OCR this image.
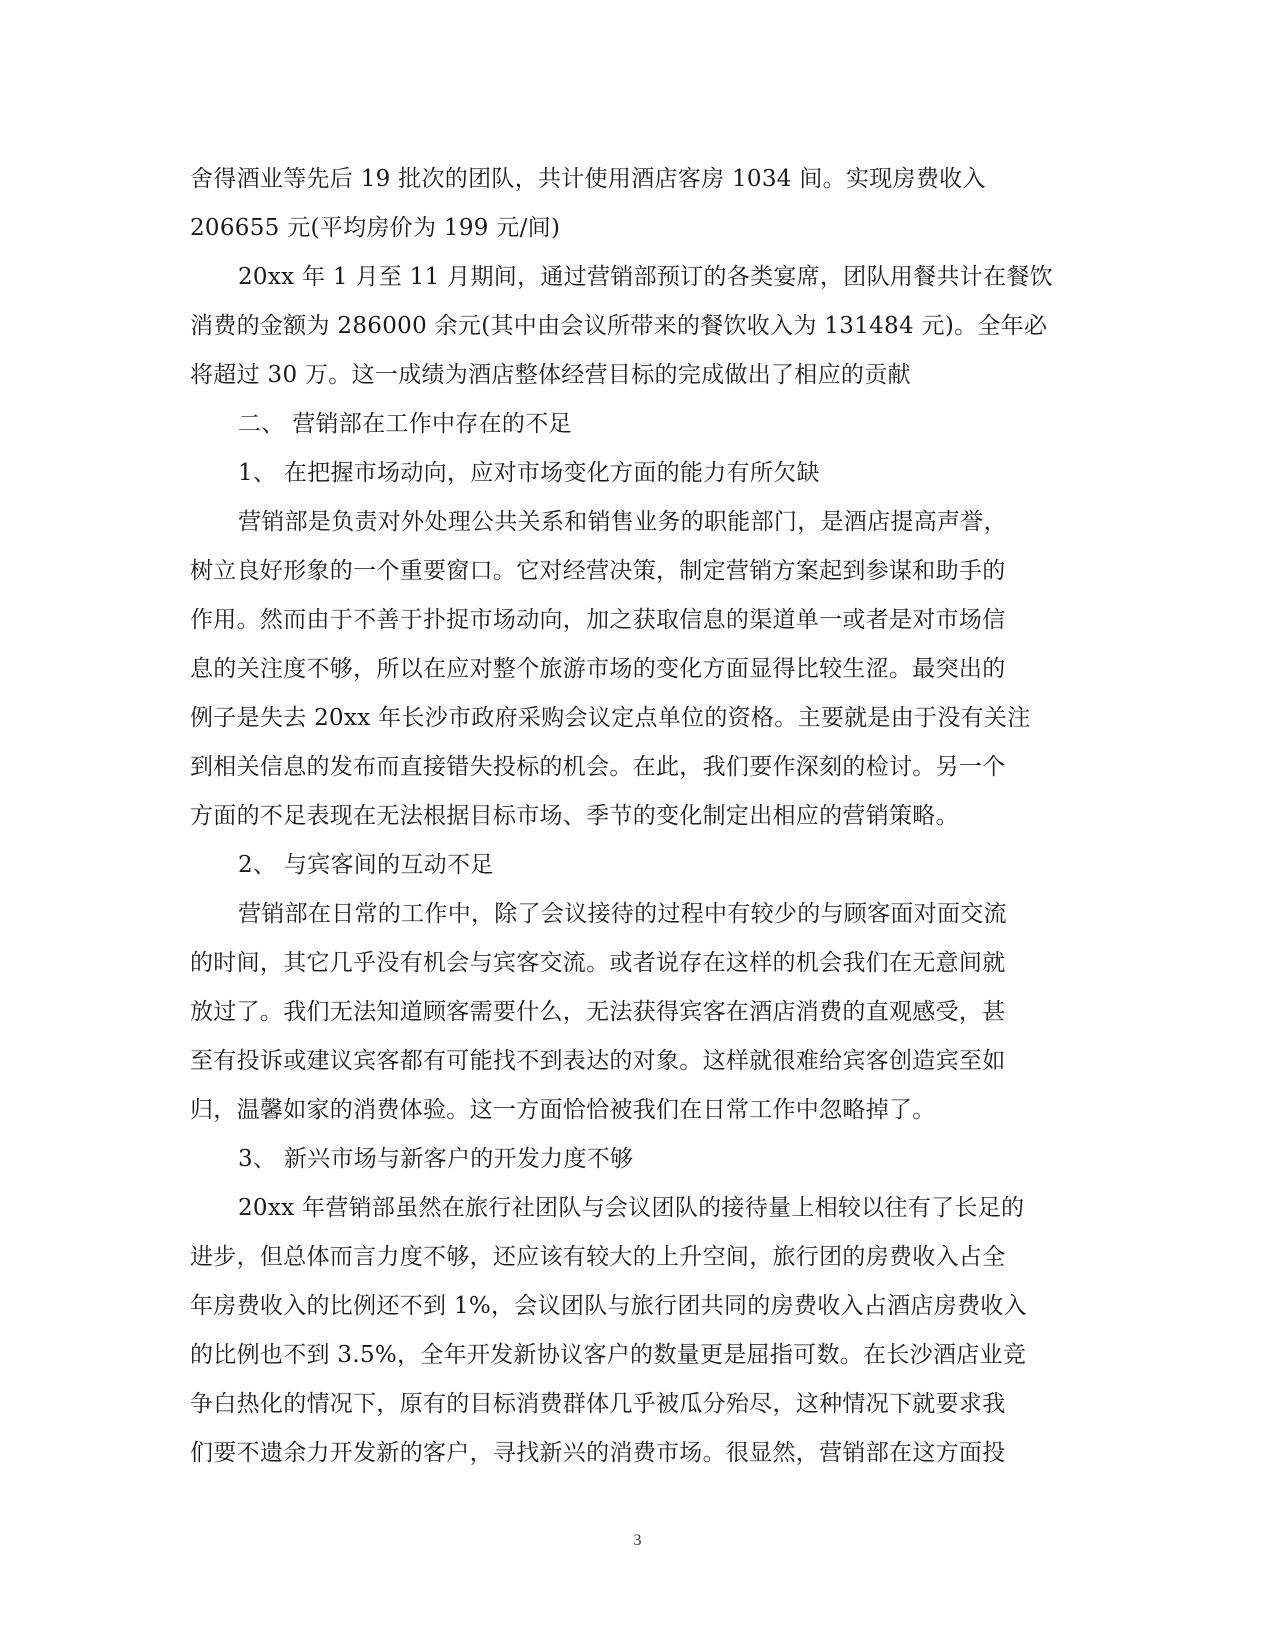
舍得酒业等先后 19 批次的团队，共计使用酒店客房 1034 间。实现房费收入
206655 元(平均房价为 199 元/间)
20xx 年 1 月至 11 月期间，通过营销部预订的各类宴席，团队用餐共计在餐饮
消费的金额为 286000 余元(其中由会议所带来的餐饮收入为 131484 元)。全年必
将超过 30 万。这一成绩为酒店整体经营目标的完成做出了相应的贡献
二、 营销部在工作中存在的不足
1、 在把握市场动向，应对市场变化方面的能力有所欠缺
营销部是负责对外处理公共关系和销售业务的职能部门，是酒店提高声誉，
树立良好形象的一个重要窗口。它对经营决策，制定营销方案起到参谋和助手的
作用。然而由于不善于扑捉市场动向，加之获取信息的渠道单一或者是对市场信
息的关注度不够，所以在应对整个旅游市场的变化方面显得比较生涩。最突出的
例子是失去 20xx 年长沙市政府采购会议定点单位的资格。主要就是由于没有关注
到相关信息的发布而直接错失投标的机会。在此，我们要作深刻的检讨。另一个
方面的不足表现在无法根据目标市场、季节的变化制定出相应的营销策略。
2、 与宾客间的互动不足
营销部在日常的工作中，除了会议接待的过程中有较少的与顾客面对面交流
的时间，其它几乎没有机会与宾客交流。或者说存在这样的机会我们在无意间就
放过了。我们无法知道顾客需要什么，无法获得宾客在酒店消费的直观感受，甚
至有投诉或建议宾客都有可能找不到表达的对象。这样就很难给宾客创造宾至如
归，温馨如家的消费体验。这一方面恰恰被我们在日常工作中忽略掉了。
3、 新兴市场与新客户的开发力度不够
20xx 年营销部虽然在旅行社团队与会议团队的接待量上相较以往有了长足的
进步，但总体而言力度不够，还应该有较大的上升空间，旅行团的房费收入占全
年房费收入的比例还不到 1%，会议团队与旅行团共同的房费收入占酒店房费收入
的比例也不到 3.5%，全年开发新协议客户的数量更是屈指可数。在长沙酒店业竞
争白热化的情况下，原有的目标消费群体几乎被瓜分殆尽，这种情况下就要求我
们要不遗余力开发新的客户，寻找新兴的消费市场。很显然，营销部在这方面投
3
